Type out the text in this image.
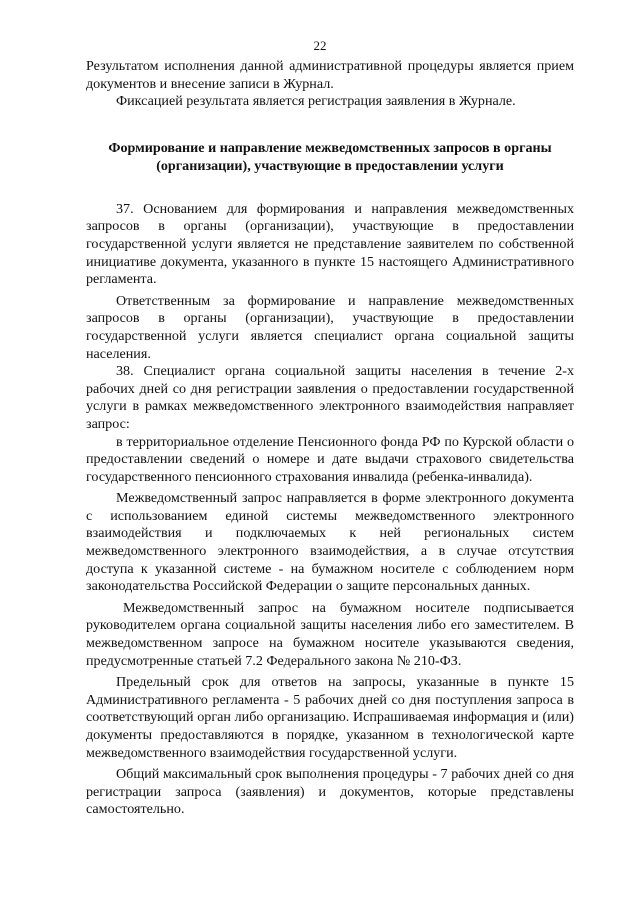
22

Результатом исполнения данной административной процедуры является прием документов и внесение записи в Журнал.

Фиксацией результата является регистрация заявления в Журнале.

Формирование и направление межведомственных запросов в органы (организации), участвующие в предоставлении услуги

37. Основанием для формирования и направления межведомственных запросов в органы (организации), участвующие в предоставлении государственной услуги является не представление заявителем по собственной инициативе документа, указанного в пункте 15 настоящего Административного регламента.

Ответственным за формирование и направление межведомственных запросов в органы (организации), участвующие в предоставлении государственной услуги является специалист органа социальной защиты населения.

38. Специалист органа социальной защиты населения в течение 2-х рабочих дней со дня регистрации заявления о предоставлении государственной услуги в рамках межведомственного электронного взаимодействия направляет запрос:

в территориальное отделение Пенсионного фонда РФ по Курской области о предоставлении сведений о номере и дате выдачи страхового свидетельства государственного пенсионного страхования инвалида (ребенка-инвалида).

Межведомственный запрос направляется в форме электронного документа с использованием единой системы межведомственного электронного взаимодействия и подключаемых к ней региональных систем межведомственного электронного взаимодействия, а в случае отсутствия доступа к указанной системе - на бумажном носителе с соблюдением норм законодательства Российской Федерации о защите персональных данных.

Межведомственный запрос на бумажном носителе подписывается руководителем органа социальной защиты населения либо его заместителем. В межведомственном запросе на бумажном носителе указываются сведения, предусмотренные статьей 7.2 Федерального закона № 210-ФЗ.

Предельный срок для ответов на запросы, указанные в пункте 15 Административного регламента - 5 рабочих дней со дня поступления запроса в соответствующий орган либо организацию. Испрашиваемая информация и (или) документы предоставляются в порядке, указанном в технологической карте межведомственного взаимодействия государственной услуги.

Общий максимальный срок выполнения процедуры - 7 рабочих дней со дня регистрации запроса (заявления) и документов, которые представлены самостоятельно.
